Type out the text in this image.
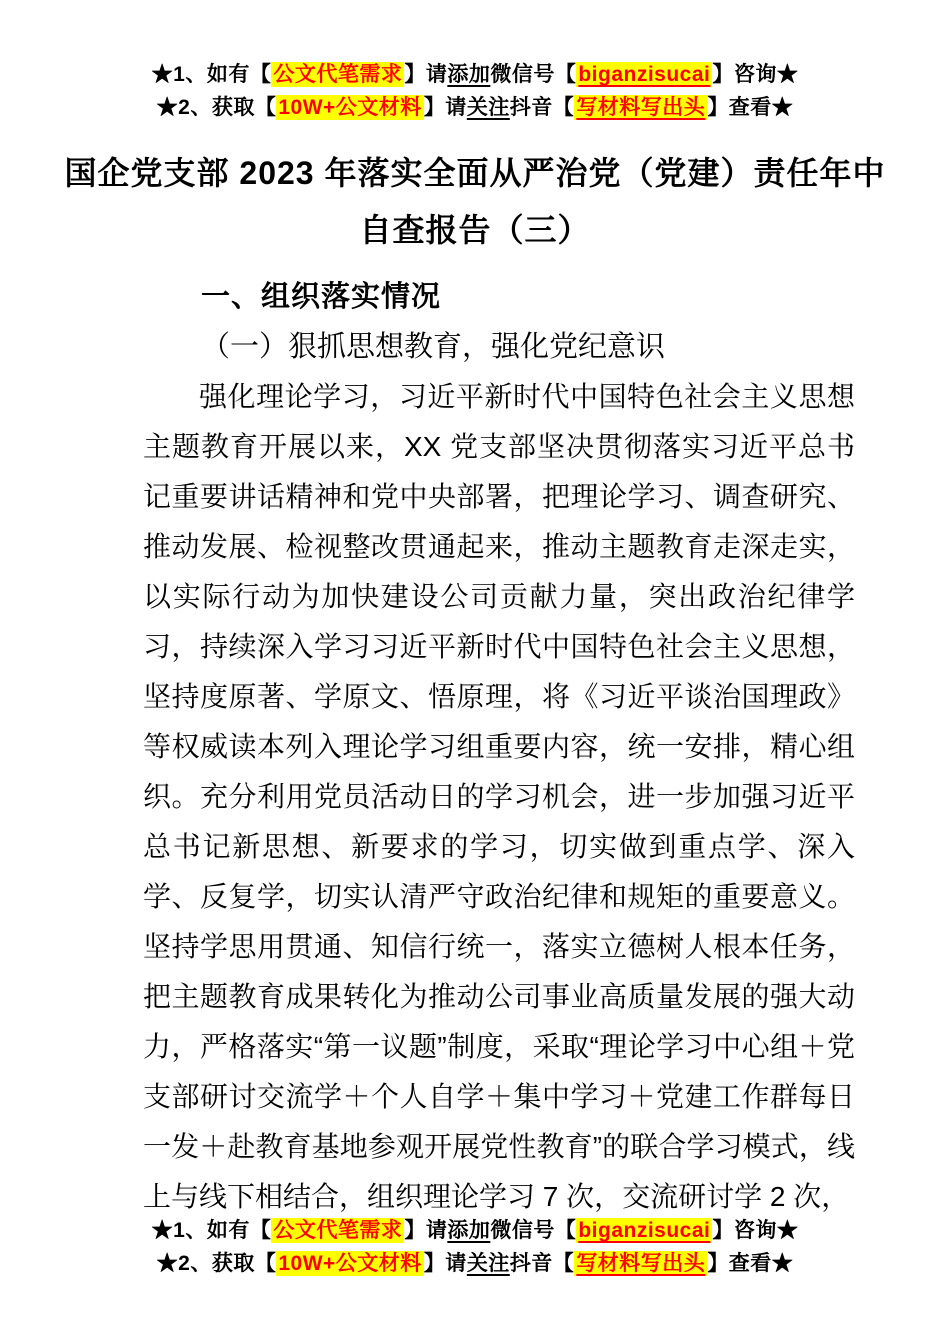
★1、如有【公文代笔需求】请添加微信号【biganzisucai】咨询★
★2、获取【10W+公文材料】请关注抖音【写材料写出头】查看★
国企党支部 2023 年落实全面从严治党（党建）责任年中
自查报告（三）
一、组织落实情况
（一）狠抓思想教育，强化党纪意识

强化理论学习，习近平新时代中国特色社会主义思想主题教育开展以来，XX 党支部坚决贯彻落实习近平总书记重要讲话精神和党中央部署，把理论学习、调查研究、推动发展、检视整改贯通起来，推动主题教育走深走实，以实际行动为加快建设公司贡献力量，突出政治纪律学习，持续深入学习习近平新时代中国特色社会主义思想，坚持度原著、学原文、悟原理，将《习近平谈治国理政》等权威读本列入理论学习组重要内容，统一安排，精心组织。充分利用党员活动日的学习机会，进一步加强习近平总书记新思想、新要求的学习，切实做到重点学、深入学、反复学，切实认清严守政治纪律和规矩的重要意义。坚持学思用贯通、知信行统一，落实立德树人根本任务，把主题教育成果转化为推动公司事业高质量发展的强大动力，严格落实“第一议题”制度，采取“理论学习中心组＋党支部研讨交流学＋个人自学＋集中学习＋党建工作群每日一发＋赴教育基地参观开展党性教育”的联合学习模式，线上与线下相结合，组织理论学习 7 次，交流研讨学 2 次，

★1、如有【公文代笔需求】请添加微信号【biganzisucai】咨询★
★2、获取【10W+公文材料】请关注抖音【写材料写出头】查看★
